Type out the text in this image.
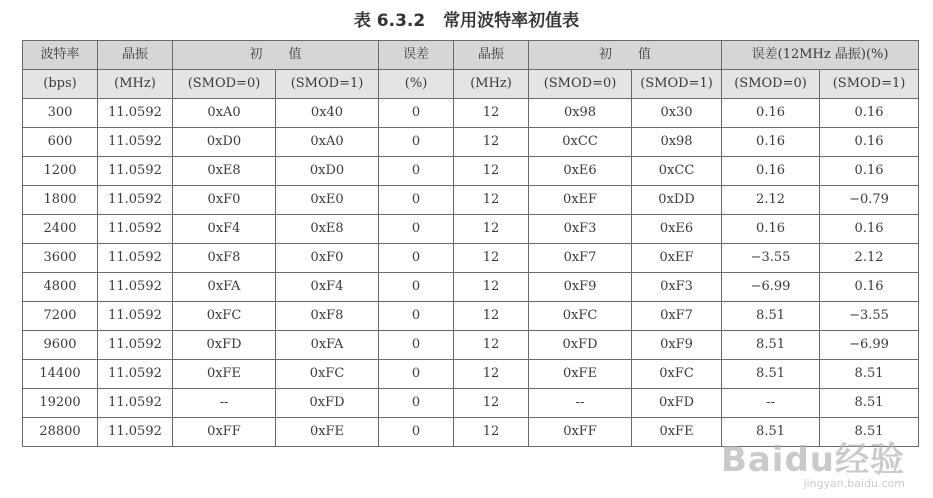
表 6.3.2 常用波特率初值表
波特率	晶振	初　　值		误差	晶振	初　　值		误差(12MHz 晶振)(%)	
(bps)	(MHz)	(SMOD=0)	(SMOD=1)	(%)	(MHz)	(SMOD=0)	(SMOD=1)	(SMOD=0)	(SMOD=1)
300	11.0592	0xA0	0x40	0	12	0x98	0x30	0.16	0.16
600	11.0592	0xD0	0xA0	0	12	0xCC	0x98	0.16	0.16
1200	11.0592	0xE8	0xD0	0	12	0xE6	0xCC	0.16	0.16
1800	11.0592	0xF0	0xE0	0	12	0xEF	0xDD	2.12	−0.79
2400	11.0592	0xF4	0xE8	0	12	0xF3	0xE6	0.16	0.16
3600	11.0592	0xF8	0xF0	0	12	0xF7	0xEF	−3.55	2.12
4800	11.0592	0xFA	0xF4	0	12	0xF9	0xF3	−6.99	0.16
7200	11.0592	0xFC	0xF8	0	12	0xFC	0xF7	8.51	−3.55
9600	11.0592	0xFD	0xFA	0	12	0xFD	0xF9	8.51	−6.99
14400	11.0592	0xFE	0xFC	0	12	0xFE	0xFC	8.51	8.51
19200	11.0592	--	0xFD	0	12	--	0xFD	--	8.51
28800	11.0592	0xFF	0xFE	0	12	0xFF	0xFE	8.51	8.51
Baidu经验
jingyan.baidu.com
